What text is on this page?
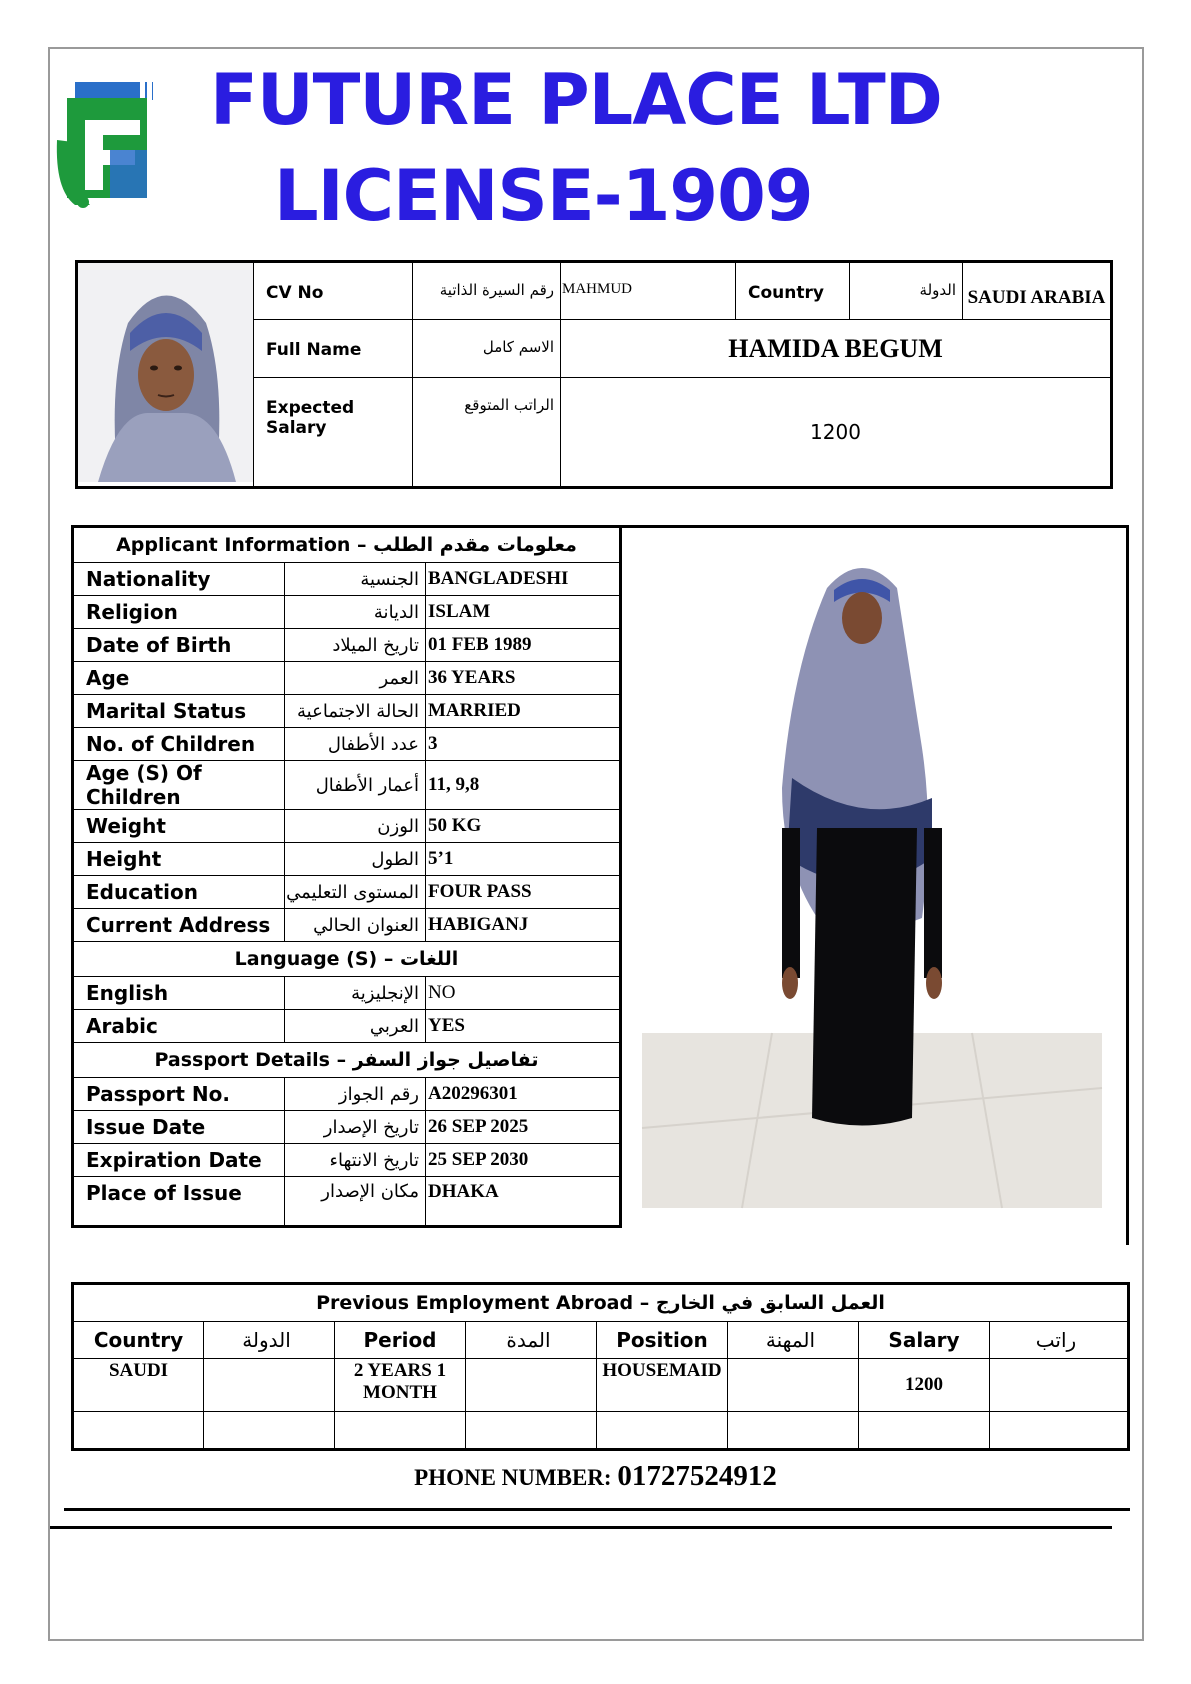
FUTURE PLACE LTD
LICENSE-1909
	CV No	رقم السيرة الذاتية	MAHMUD	Country	الدولة	SAUDI ARABIA
	Full Name	الاسم كامل	HAMIDA BEGUM			
	Expected Salary	الراتب المتوقع	1200			
Applicant Information – معلومات مقدم الطلب		
Nationality	الجنسية	BANGLADESHI
Religion	الديانة	ISLAM
Date of Birth	تاريخ الميلاد	01 FEB 1989
Age	العمر	36 YEARS
Marital Status	الحالة الاجتماعية	MARRIED
No. of Children	عدد الأطفال	3
Age (S) Of Children	أعمار الأطفال	11, 9,8
Weight	الوزن	50 KG
Height	الطول	5’1
Education	المستوى التعليمي	FOUR PASS
Current Address	العنوان الحالي	HABIGANJ
Language (S) – اللغات		
English	الإنجليزية	NO
Arabic	العربي	YES
Passport Details – تفاصيل جواز السفر		
Passport No.	رقم الجواز	A20296301
Issue Date	تاريخ الإصدار	26 SEP 2025
Expiration Date	تاريخ الانتهاء	25 SEP 2030
Place of Issue	مكان الإصدار	DHAKA
Previous Employment Abroad – العمل السابق في الخارج							
Country	الدولة	Period	المدة	Position	المهنة	Salary	راتب
SAUDI		2 YEARS 1 MONTH		HOUSEMAID		1200	

PHONE NUMBER: 01727524912
